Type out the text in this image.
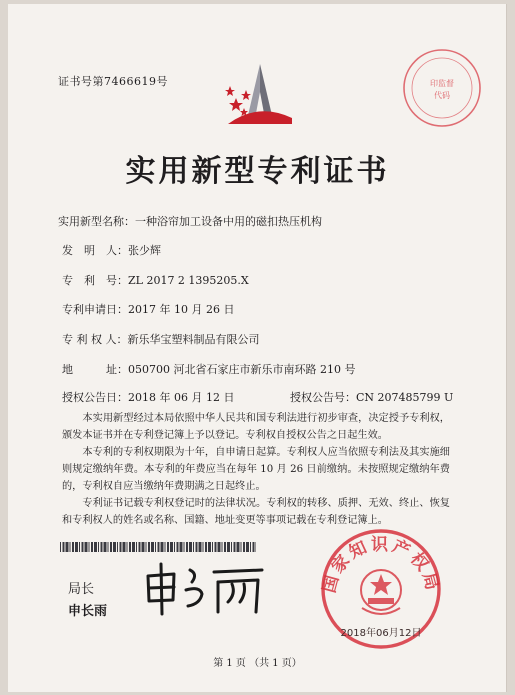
证书号第7466619号	印监督
代码
实用新型专利证书
实用新型名称：一种浴帘加工设备中用的磁扣热压机构
发　明　人：张少辉
专　利　号：ZL 2017 2 1395205.X
专利申请日：2017 年 10 月 26 日
专 利 权 人：新乐华宝塑料制品有限公司
地　　　址：050700 河北省石家庄市新乐市南环路 210 号
授权公告日：2018 年 06 月 12 日	授权公告号：CN 207485799 U

本实用新型经过本局依照中华人民共和国专利法进行初步审查，决定授予专利权，颁发本证书并在专利登记簿上予以登记。专利权自授权公告之日起生效。

本专利的专利权期限为十年，自申请日起算。专利权人应当依照专利法及其实施细则规定缴纳年费。本专利的年费应当在每年 10 月 26 日前缴纳。未按照规定缴纳年费的，专利权自应当缴纳年费期满之日起终止。

专利证书记载专利权登记时的法律状况。专利权的转移、质押、无效、终止、恢复和专利权人的姓名或名称、国籍、地址变更等事项记载在专利登记簿上。

局长
申长雨
国家知识产权局
2018年06月12日
第 1 页 （共 1 页）
